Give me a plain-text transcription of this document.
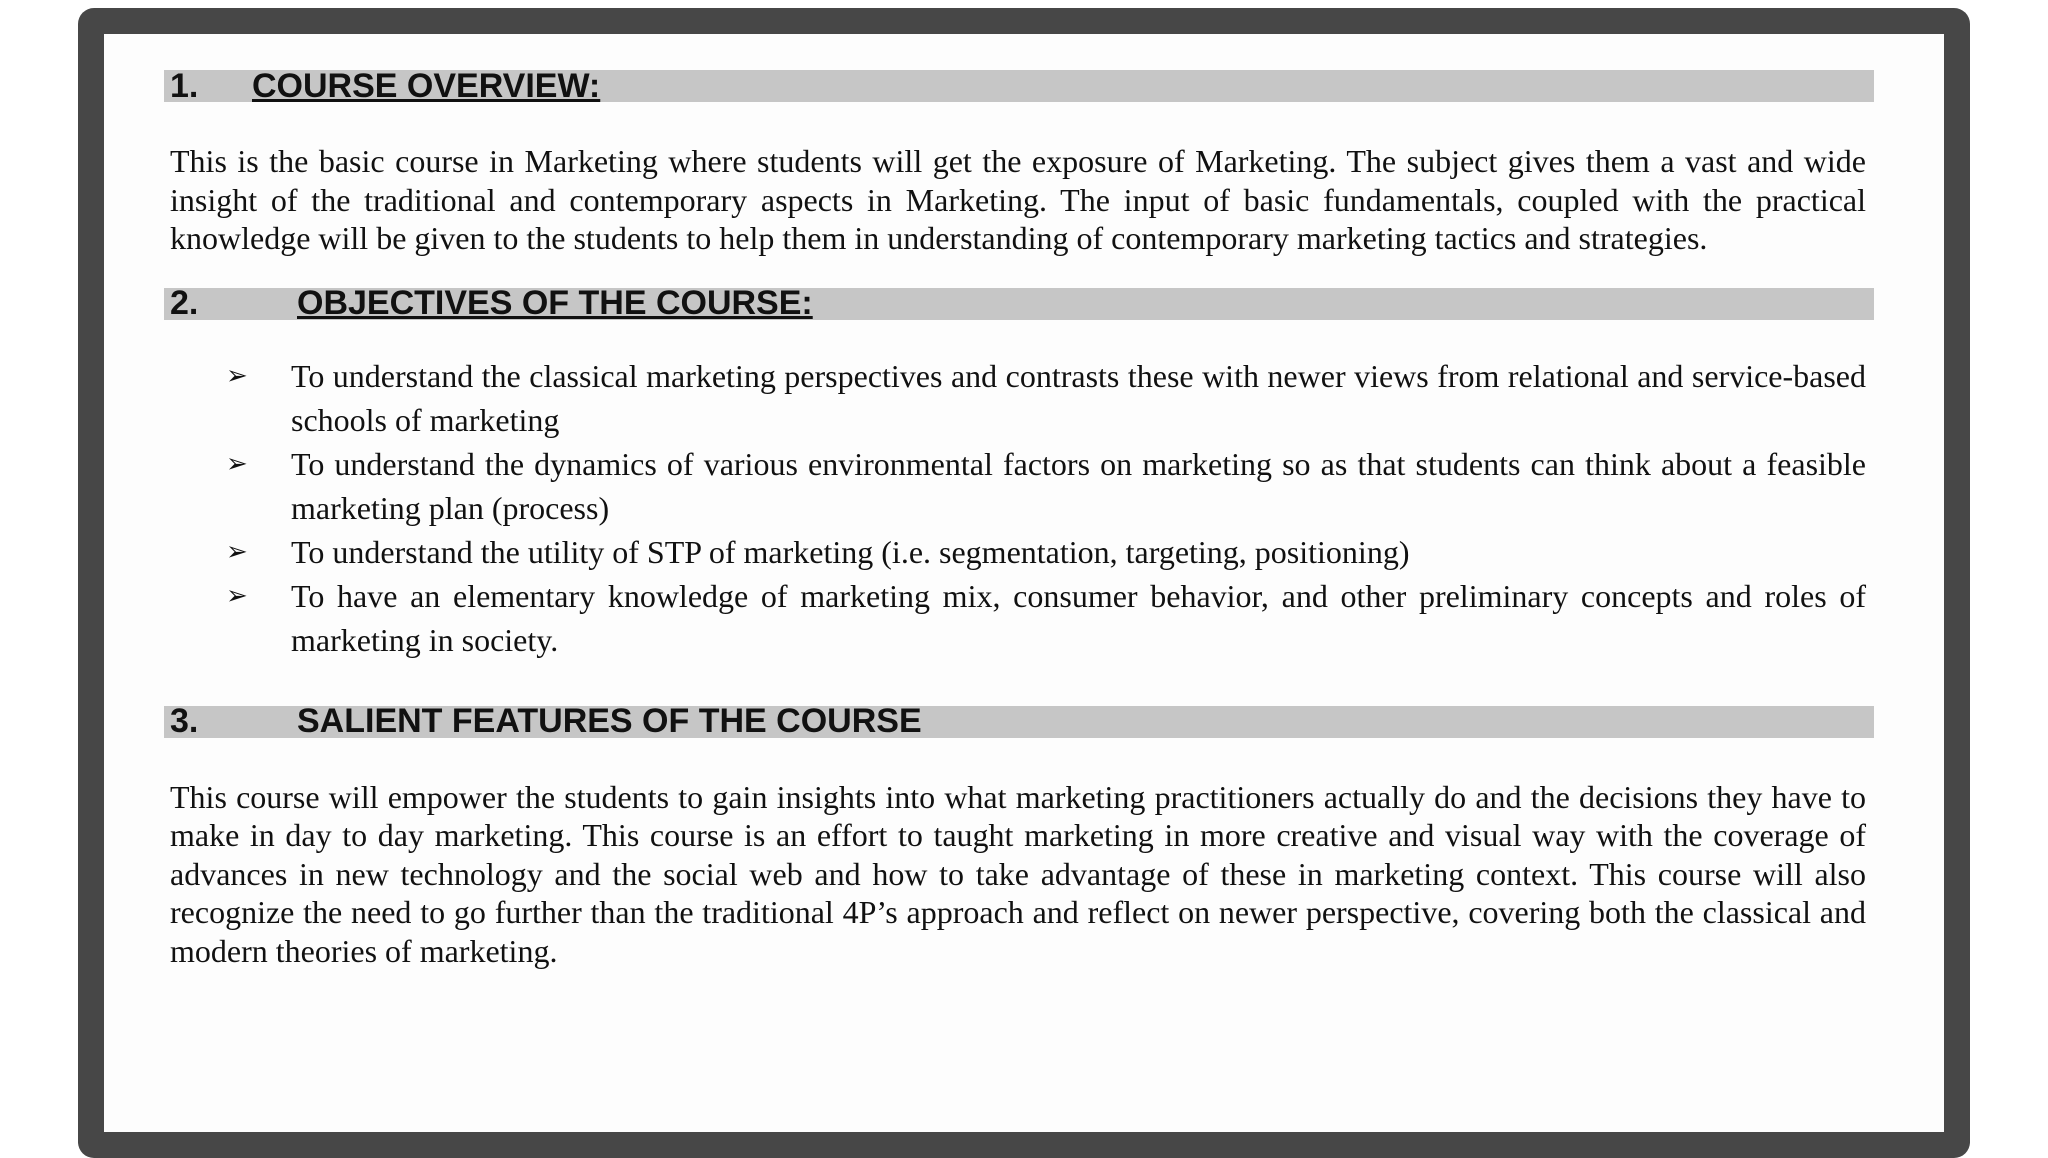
1.	COURSE OVERVIEW:

This is the basic course in Marketing where students will get the exposure of Marketing. The subject gives them a vast and wide insight of the traditional and contemporary aspects in Marketing. The input of basic fundamentals, coupled with the practical knowledge will be given to the students to help them in understanding of contemporary marketing tactics and strategies.

2.	OBJECTIVES OF THE COURSE:
➢ To understand the classical marketing perspectives and contrasts these with newer views from relational and service-based schools of marketing
➢ To understand the dynamics of various environmental factors on marketing so as that students can think about a feasible marketing plan (process)
➢ To understand the utility of STP of marketing (i.e. segmentation, targeting, positioning)
➢ To have an elementary knowledge of marketing mix, consumer behavior, and other preliminary concepts and roles of marketing in society.
3.	SALIENT FEATURES OF THE COURSE

This course will empower the students to gain insights into what marketing practitioners actually do and the decisions they have to make in day to day marketing. This course is an effort to taught marketing in more creative and visual way with the coverage of advances in new technology and the social web and how to take advantage of these in marketing context. This course will also recognize the need to go further than the traditional 4P’s approach and reflect on newer perspective, covering both the classical and modern theories of marketing.
